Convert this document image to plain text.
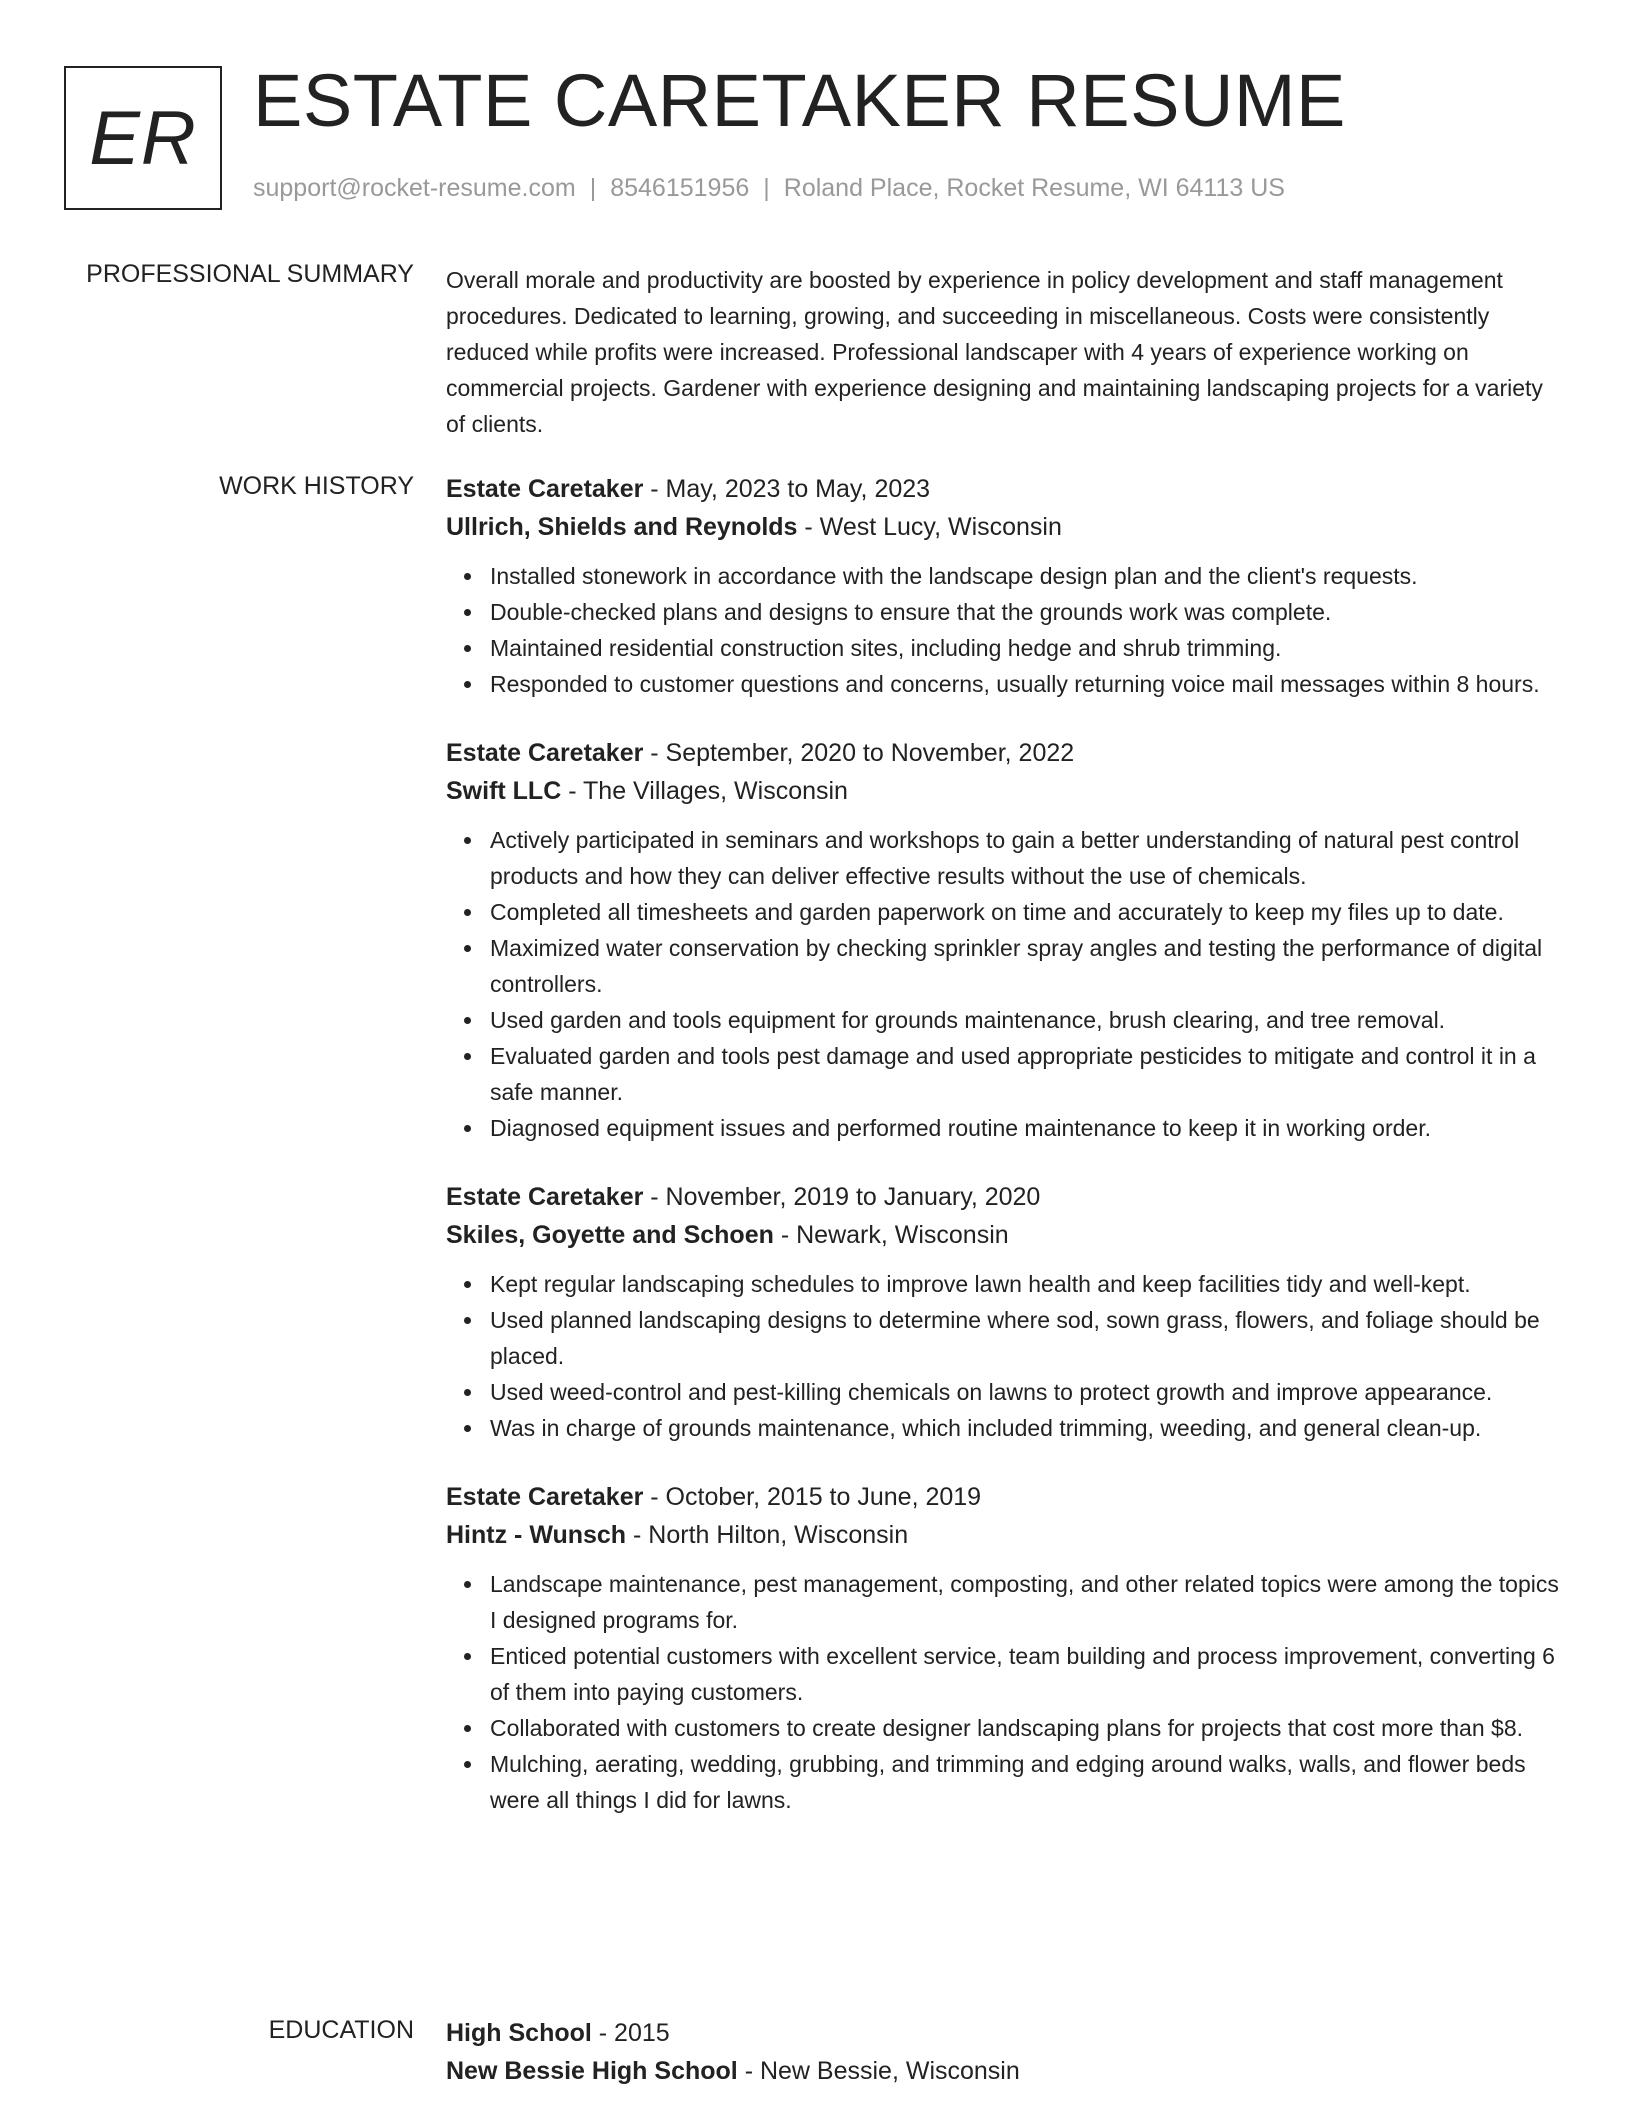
ER ESTATE CARETAKER RESUME
support@rocket-resume.com | 8546151956 | Roland Place, Rocket Resume, WI 64113 US
PROFESSIONAL SUMMARY Overall morale and productivity are boosted by experience in policy development and staff management procedures. Dedicated to learning, growing, and succeeding in miscellaneous. Costs were consistently reduced while profits were increased. Professional landscaper with 4 years of experience working on commercial projects. Gardener with experience designing and maintaining landscaping projects for a variety of clients.

WORK HISTORY Estate Caretaker - May, 2023 to May, 2023
Ullrich, Shields and Reynolds - West Lucy, Wisconsin
Installed stonework in accordance with the landscape design plan and the client's requests.
Double-checked plans and designs to ensure that the grounds work was complete.
Maintained residential construction sites, including hedge and shrub trimming.
Responded to customer questions and concerns, usually returning voice mail messages within 8 hours.
Estate Caretaker - September, 2020 to November, 2022
Swift LLC - The Villages, Wisconsin
Actively participated in seminars and workshops to gain a better understanding of natural pest control products and how they can deliver effective results without the use of chemicals.
Completed all timesheets and garden paperwork on time and accurately to keep my files up to date.
Maximized water conservation by checking sprinkler spray angles and testing the performance of digital controllers.
Used garden and tools equipment for grounds maintenance, brush clearing, and tree removal.
Evaluated garden and tools pest damage and used appropriate pesticides to mitigate and control it in a safe manner.
Diagnosed equipment issues and performed routine maintenance to keep it in working order.
Estate Caretaker - November, 2019 to January, 2020
Skiles, Goyette and Schoen - Newark, Wisconsin
Kept regular landscaping schedules to improve lawn health and keep facilities tidy and well-kept.
Used planned landscaping designs to determine where sod, sown grass, flowers, and foliage should be placed.
Used weed-control and pest-killing chemicals on lawns to protect growth and improve appearance.
Was in charge of grounds maintenance, which included trimming, weeding, and general clean-up.
Estate Caretaker - October, 2015 to June, 2019
Hintz - Wunsch - North Hilton, Wisconsin
Landscape maintenance, pest management, composting, and other related topics were among the topics I designed programs for.
Enticed potential customers with excellent service, team building and process improvement, converting 6 of them into paying customers.
Collaborated with customers to create designer landscaping plans for projects that cost more than $8.
Mulching, aerating, wedding, grubbing, and trimming and edging around walks, walls, and flower beds were all things I did for lawns.
EDUCATION High School - 2015
New Bessie High School - New Bessie, Wisconsin
